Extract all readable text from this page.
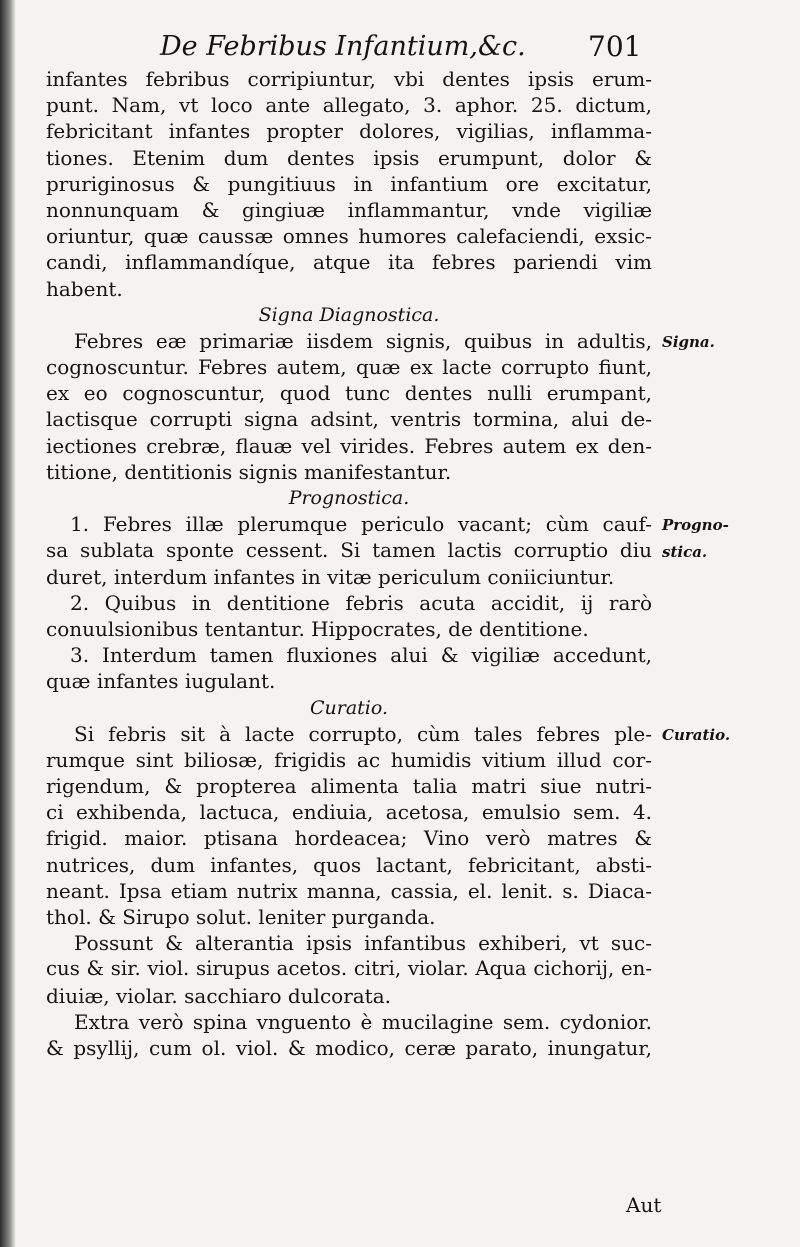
De Febribus Infantium,&c. 701
infantes febribus corripiuntur, vbi dentes ipsis erum-
punt. Nam, vt loco ante allegato, 3. aphor. 25. dictum,
febricitant infantes propter dolores, vigilias, inflamma-
tiones. Etenim dum dentes ipsis erumpunt, dolor &
pruriginosus & pungitiuus in infantium ore excitatur,
nonnunquam & gingiuæ inflammantur, vnde vigiliæ
oriuntur, quæ caussæ omnes humores calefaciendi, exsic-
candi, inflammandíque, atque ita febres pariendi vim
habent.
Signa Diagnostica.
Febres eæ primariæ iisdem signis, quibus in adultis,
cognoscuntur. Febres autem, quæ ex lacte corrupto fiunt,
ex eo cognoscuntur, quod tunc dentes nulli erumpant,
lactisque corrupti signa adsint, ventris tormina, alui de-
iectiones crebræ, flauæ vel virides. Febres autem ex den-
titione, dentitionis signis manifestantur.
Prognostica.
1. Febres illæ plerumque periculo vacant; cùm cauf-
sa sublata sponte cessent. Si tamen lactis corruptio diu
duret, interdum infantes in vitæ periculum coniiciuntur.
2. Quibus in dentitione febris acuta accidit, ij rarò
conuulsionibus tentantur. Hippocrates, de dentitione.
3. Interdum tamen fluxiones alui & vigiliæ accedunt,
quæ infantes iugulant.
Curatio.
Si febris sit à lacte corrupto, cùm tales febres ple-
rumque sint biliosæ, frigidis ac humidis vitium illud cor-
rigendum, & propterea alimenta talia matri siue nutri-
ci exhibenda, lactuca, endiuia, acetosa, emulsio sem. 4.
frigid. maior. ptisana hordeacea; Vino verò matres &
nutrices, dum infantes, quos lactant, febricitant, absti-
neant. Ipsa etiam nutrix manna, cassia, el. lenit. s. Diaca-
thol. & Sirupo solut. leniter purganda.
Possunt & alterantia ipsis infantibus exhiberi, vt suc-
cus & sir. viol. sirupus acetos. citri, violar. Aqua cichorij, en-
diuiæ, violar. sacchiaro dulcorata.
Extra verò spina vnguento è mucilagine sem. cydonior.
& psyllij, cum ol. viol. & modico, ceræ parato, inungatur,
Signa.
Progno-
stica.
Curatio.
Aut
